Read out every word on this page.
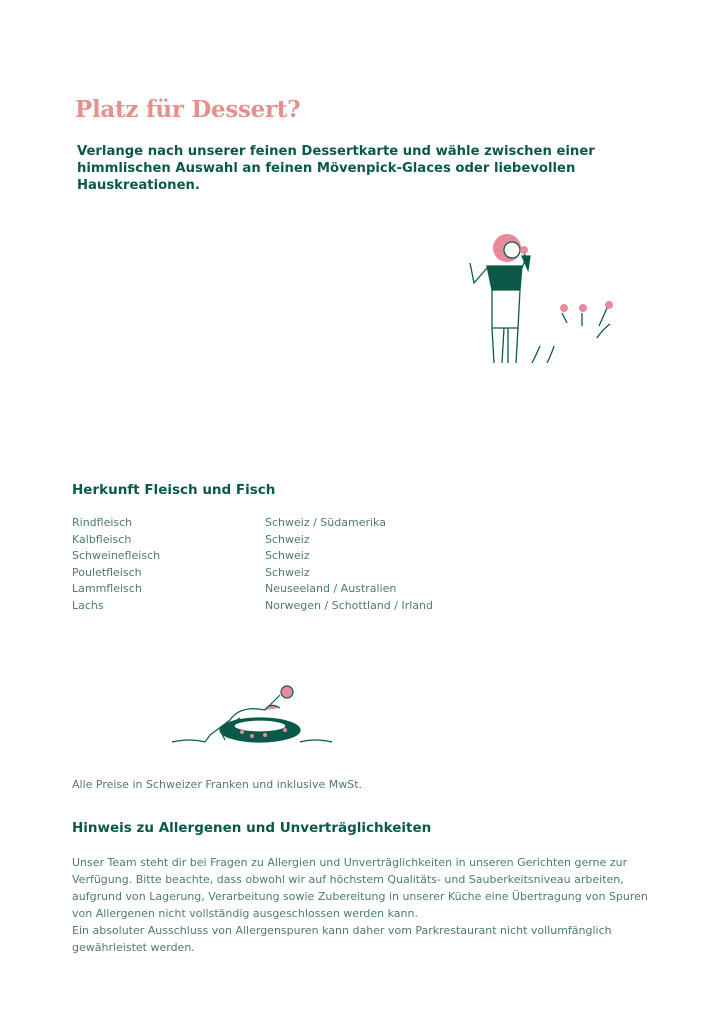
Platz für Dessert?
Verlange nach unserer feinen Dessertkarte und wähle zwischen einer himmlischen Auswahl an feinen Mövenpick-Glaces oder liebevollen Hauskreationen.
Herkunft Fleisch und Fisch
Rindfleisch	Schweiz / Südamerika
Kalbfleisch	Schweiz
Schweinefleisch	Schweiz
Pouletfleisch	Schweiz
Lammfleisch	Neuseeland / Australien
Lachs	Norwegen / Schottland / Irland
Alle Preise in Schweizer Franken und inklusive MwSt.
Hinweis zu Allergenen und Unverträglichkeiten
Unser Team steht dir bei Fragen zu Allergien und Unverträglichkeiten in unseren Gerichten gerne zur Verfügung. Bitte beachte, dass obwohl wir auf höchstem Qualitäts- und Sauberkeitsniveau arbeiten, aufgrund von Lagerung, Verarbeitung sowie Zubereitung in unserer Küche eine Übertragung von Spuren von Allergenen nicht vollständig ausgeschlossen werden kann.
Ein absoluter Ausschluss von Allergenspuren kann daher vom Parkrestaurant nicht vollumfänglich gewährleistet werden.
